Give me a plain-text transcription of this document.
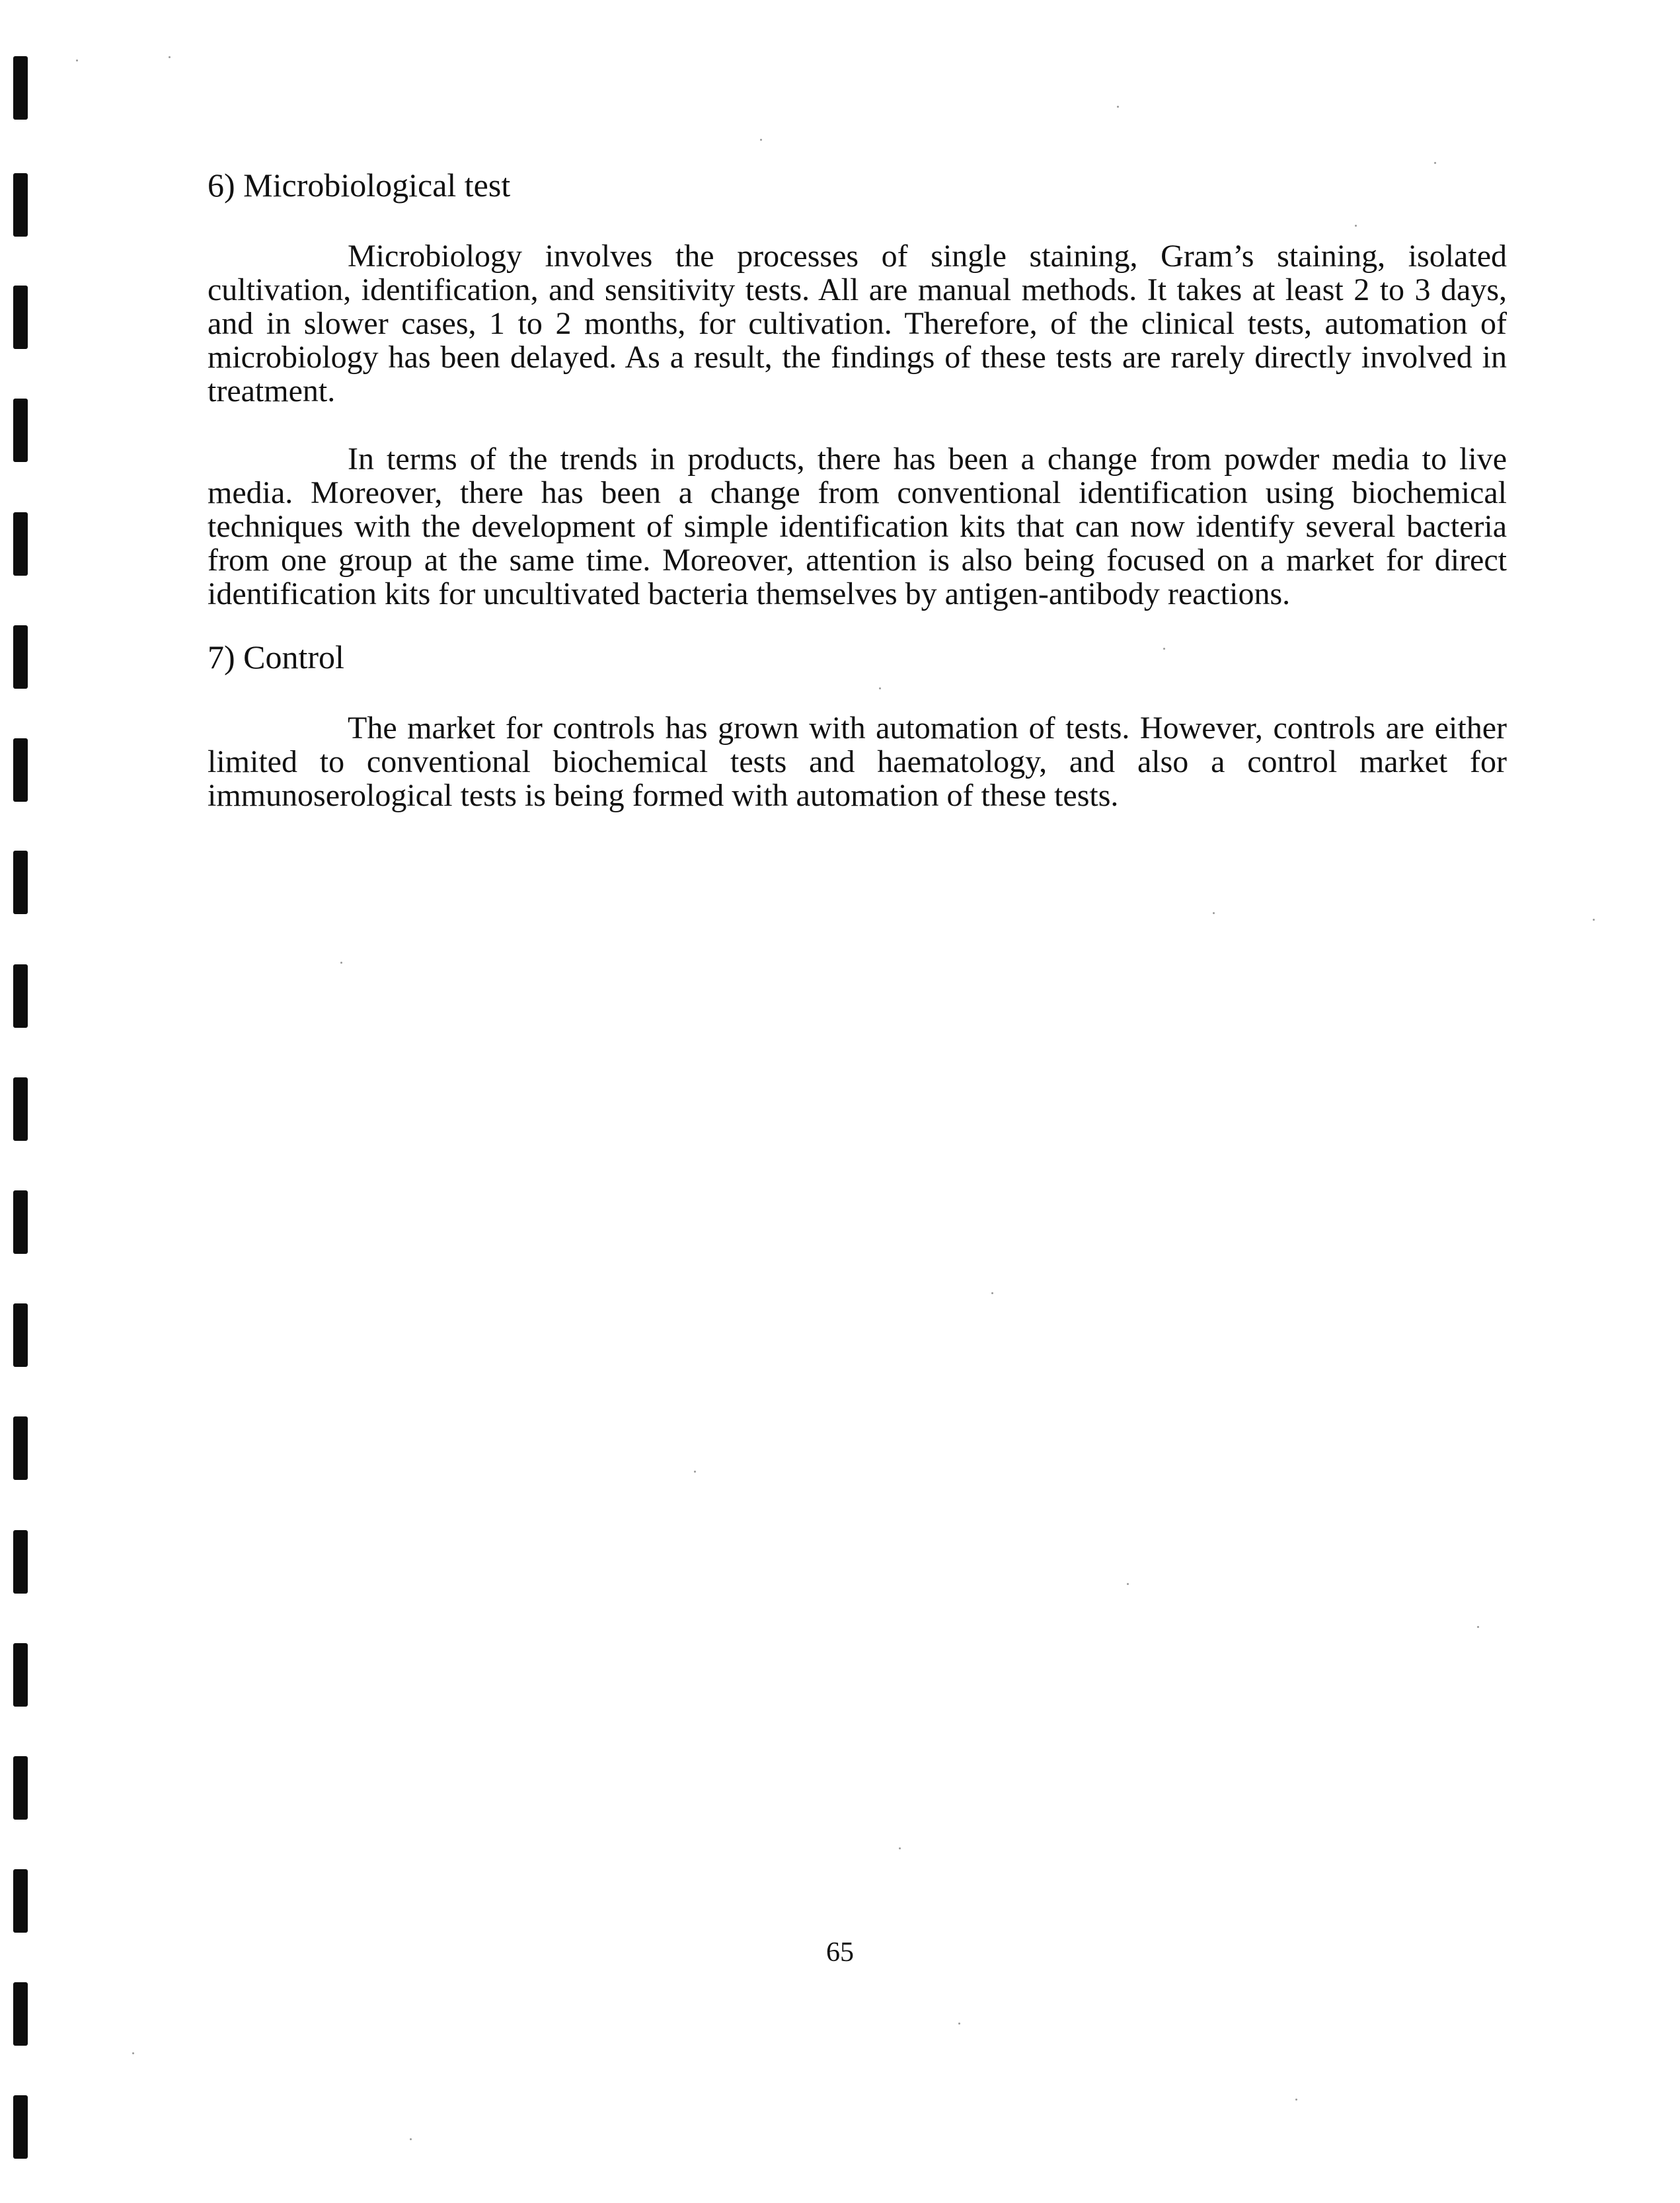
6) Microbiological test

Microbiology involves the processes of single staining, Gram’s staining, isolated cultivation, identification, and sensitivity tests. All are manual methods. It takes at least 2 to 3 days, and in slower cases, 1 to 2 months, for cultivation. Therefore, of the clinical tests, automation of microbiology has been delayed. As a result, the findings of these tests are rarely directly involved in treatment.

In terms of the trends in products, there has been a change from powder media to live media. Moreover, there has been a change from conventional identification using biochemical techniques with the development of simple identification kits that can now identify several bacteria from one group at the same time. Moreover, attention is also being focused on a market for direct identification kits for uncultivated bacteria themselves by antigen-antibody reactions.

7) Control

The market for controls has grown with automation of tests. However, controls are either limited to conventional biochemical tests and haematology, and also a control market for immunoserological tests is being formed with automation of these tests.

65
